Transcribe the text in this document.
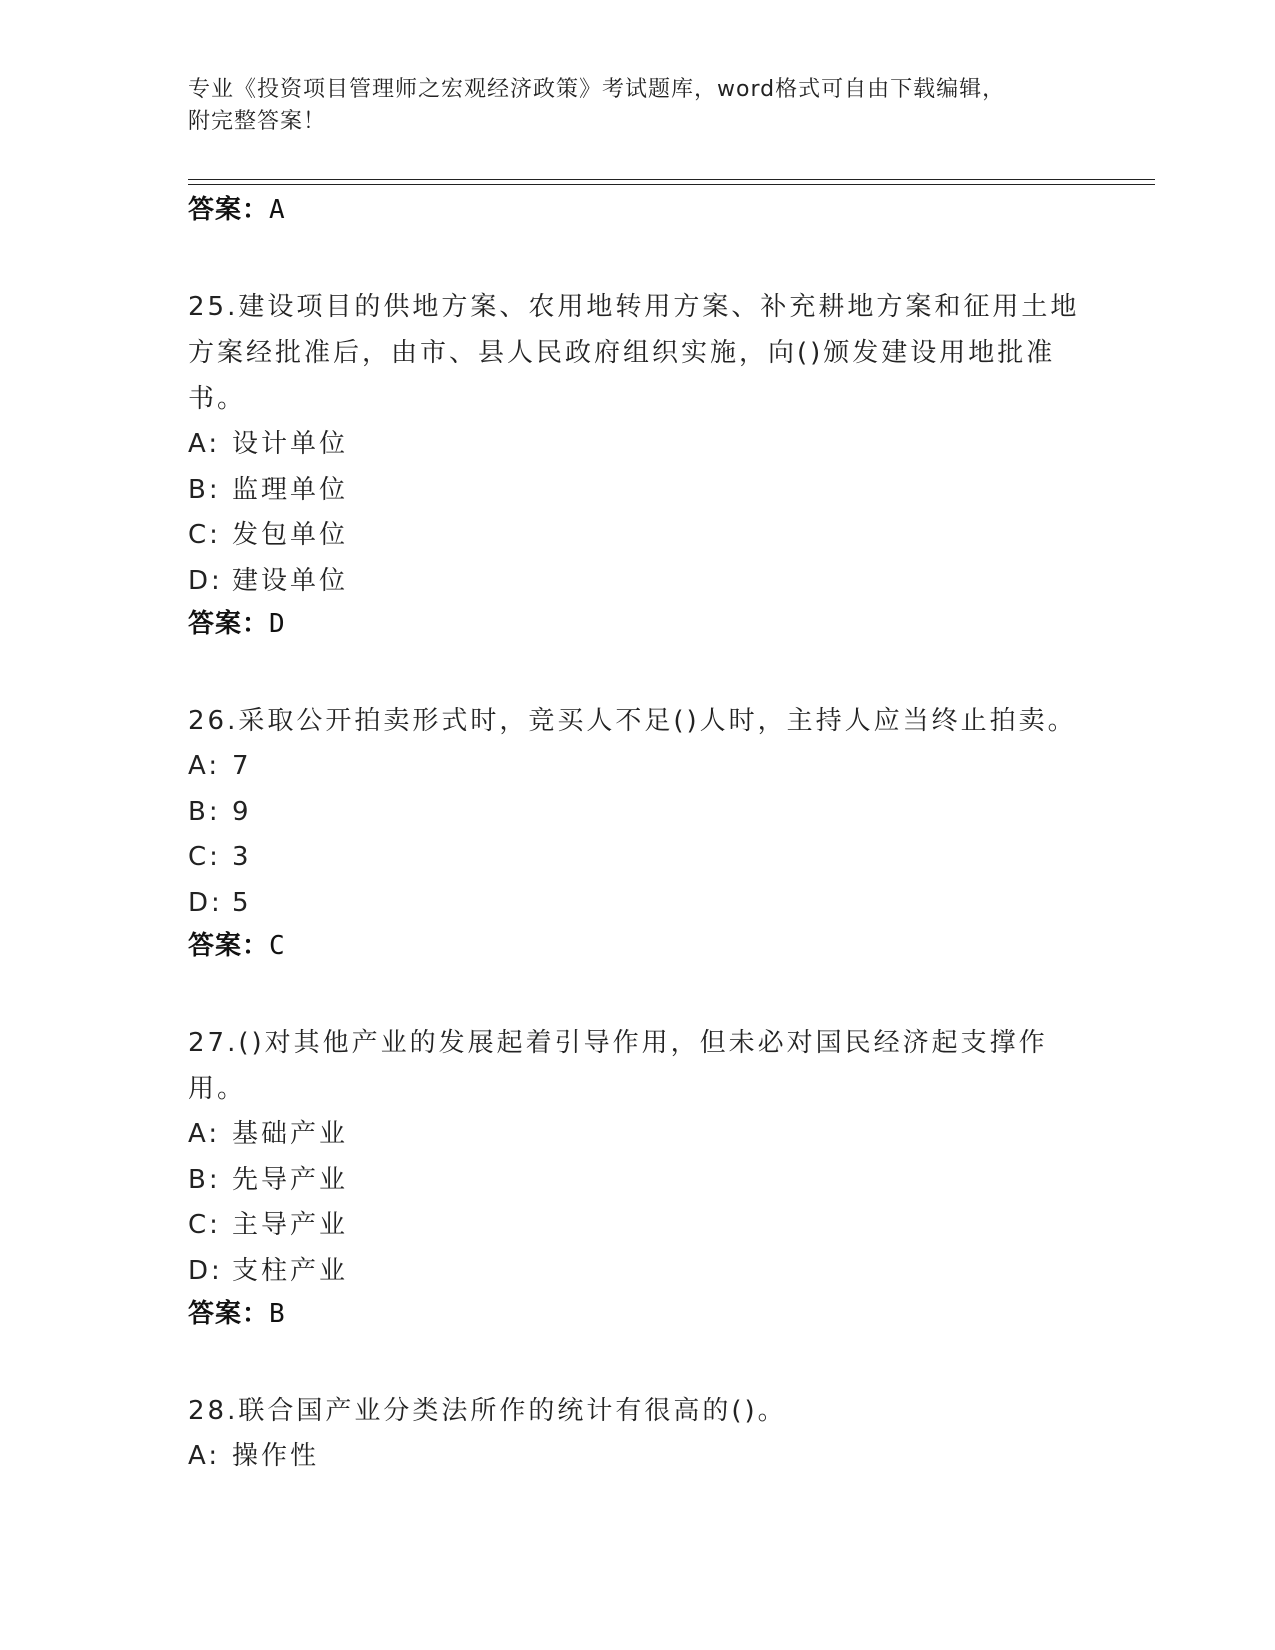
专业《投资项目管理师之宏观经济政策》考试题库，word格式可自由下载编辑，
附完整答案！
答案：A
25.建设项目的供地方案、农用地转用方案、补充耕地方案和征用土地方案经批准后，由市、县人民政府组织实施，向()颁发建设用地批准书。
A: 设计单位
B: 监理单位
C: 发包单位
D: 建设单位
答案：D
26.采取公开拍卖形式时，竞买人不足()人时，主持人应当终止拍卖。
A: 7
B: 9
C: 3
D: 5
答案：C
27.()对其他产业的发展起着引导作用，但未必对国民经济起支撑作用。
A: 基础产业
B: 先导产业
C: 主导产业
D: 支柱产业
答案：B
28.联合国产业分类法所作的统计有很高的()。
A: 操作性
